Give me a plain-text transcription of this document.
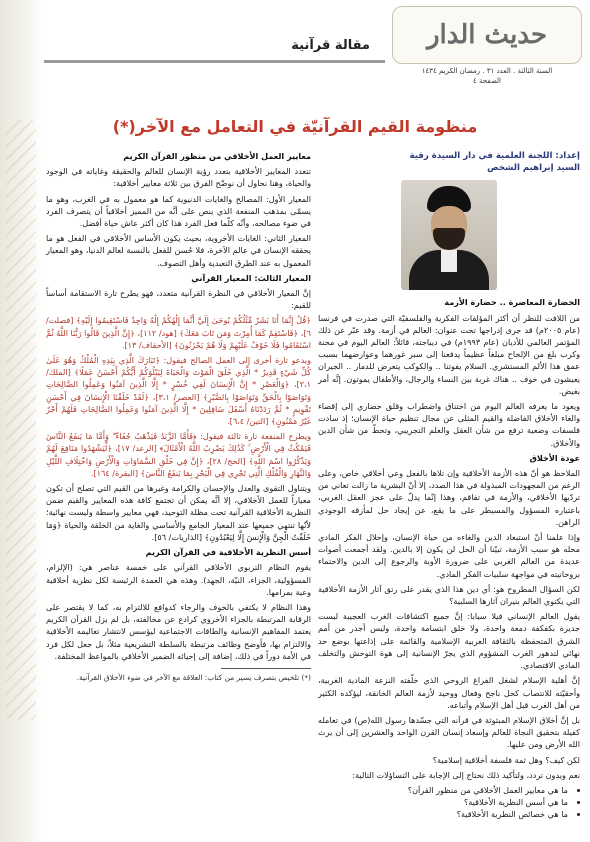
حديث الدار
السنة الثالثة . العدد ٣١ . رمضان الكريم ١٤٣٤
الصفحة ٤
مقالة قرآنية
منظومة القيم القرآنيّة في التعامل مع الآخر(*)
إعداد: اللجنة العلمية في دار السيدة رقية
السيد إبراهيم الشخص

الحضارة المعاصرة .. حضارة الأزمة

من اللافت للنظر أن أكثر المؤلفات الفكرية والفلسفيّة التي صدرت في فرنسا (عام ٢٠٠٥م) قد جرى إدراجها تحت عنوان: العالم في أزمة. وقد عبّر عن ذلك المؤتمر العالمي للأديان (عام ١٩٩٣م) في ديباجته، قائلاً: العالم اليوم في محنة وكرب بلغ من الإلحاح مبلغاً عظيماً يدفعنا إلى سبر غورهما وعوارضهما بسبب عمق هذا الألم المستشري. السلام يفوتنا .. والكوكب يتعرض للدمار .. الجيران يعيشون في خوف .. هناك غربة بين النساء والرجال، والأطفال يموتون. إنَّه أمر بغيض.

ويعود ما يعرفه العالم اليوم من اختناق واضطراب وقلق حضاري إلى إقصاء والغاء الأخلاق الفاضلة والقيم المثلى عن مجال تنظيم حياة الإنسان؛ إذ سادت فلسفات وضعية ترفع من شأن العقل والعلم التجريبي، وتحطّ من شأن الدين والأخلاق.

عودة الأخلاق

الملاحظ هو أنّ هذه الأزمة الأخلاقية وإن تلاها بالفعل وعي أخلاقي خاص، وعلى الرغم من المجهودات المبذولة في هذا الصدد، إلا أنّ البشرية ما زالت تعاني من تردّيها الأخلاقي، والأزمة في تفاقم، وهذا إنّما يدلّ على عجز العقل الغربي، باعتباره المسؤول والمسيطر على ما يقع، عن إيجاد حل لمأزقه الوجودي الراهن.

وإذا علمنا أنّ استبعاد الدين والغاءه من حياة الإنسان، وإحلال الفكر المادي محله هو سبب الأزمة، تبيّنا أن الحل لن يكون إلا بالدين. ولقد أجمعت أصوات عديدة من العالم الغربي على ضرورة الأوبة والرجوع إلى الدين والاحتماء بروحانيته في مواجهة سلبيات الفكر المادي.

لكن السؤال المطروح هو: أي دين هذا الذي يقدر على رتق آثار الأزمة الأخلاقية التي يكتوي العالم بنيران آثارها السلبية؟

يقول العالم الإنساني فيلا سبابا: إنَّ جميع اكتشافات الغرب العجيبة ليست جديرة بكفكفة دمعة واحدة، ولا خلق ابتسامة واحدة، وليس أجدر من أمم الشرق المتحفظة بالثقافة العربية الإسلامية والقائمة على إذاعتها بوضع حد نهائي لتدهور الغرب المشؤوم الذي يجرّ الإنسانية إلى هوة التوحش والتخلف المادي الاقتصادي.

إنَّ أهلية الإسلام لشغل الفراغ الروحي الذي خلّفته النزعة المادية الغربية، وأحقيّته للانتصاب كحل ناجح وفعال ووحيد لأزمة العالم الخانقة، ليؤكده الكثير من أهل الغرب قبل أهل الإسلام وأتباعه.

بل إنَّ أخلاق الإسلام المبثوثة في قرآنه التي جسّدها رسول الله(ص) في تعامله كفيلة بتحقيق النجاة للعالم وإسعاد إنسان القرن الواحد والعشرين إلى أن يرث الله الأرض ومن عليها.

لكن كيف؟ وهل ثمة فلسفة أخلاقية إسلامية؟

نعم ويدون تردد، ولتأكيد ذلك نحتاج إلى الإجابة على التساؤلات التالية:

• ما هي معايير العمل الأخلاقي من منظور القرآن؟
• ما هي أسس النظرية الأخلاقية؟
• ما هي خصائص النظرية الأخلاقية؟

معايير العمل الأخلاقي من منظور القرآن الكريم

تتعدد المعايير الأخلاقية بتعدد رؤية الإنسان للعالم والحقيقة وغاياته في الوجود والحياة، وهنا نحاول أن نوضّح الفرق بين ثلاثة معايير أخلاقية:

المعيار الأول: المصالح والغايات الدنيوية كما هو معمول به في الغرب، وهو ما يسمّى بمذهب المنفعة الذي ينص على أنَّه من المميز أخلاقياً أن يتصرف الفرد في ضوء مصالحه، وأنّه كلّما فعل الفرد هذا كان أكثر عاش حياة أفضل.

المعيار الثاني: الغايات الأخروية، بحيث يكون الأساس الأخلاقي في الفعل هو ما يحققه الإنسان في عالم الآخرة، فلا حُسن للفعل بالنسبة لعالم الدنيا، وهو المعيار المعمول به عند الطرق التعبدية وأهل التصوف.

المعيار الثالث: المعيار القرآني

إنَّ المعيار الأخلاقي في النظرة القرآنية متعدد، فهو يطرح تارة الاستقامة أساساً للقيم:

﴿قُلْ إِنَّمَا أَنَا بَشَرٌ مِّثْلُكُمْ يُوحَىٰ إِلَيَّ أَنَّمَا إِلَٰهُكُمْ إِلَٰهٌ وَاحِدٌ فَاسْتَقِيمُوا إِلَيْهِ﴾ [فصلت/ ٦]، ﴿فَاسْتَقِمْ كَمَا أُمِرْتَ وَمَن تَابَ مَعَكَ﴾ [هود/ ١١٢]، ﴿إِنَّ الَّذِينَ قَالُوا رَبُّنَا اللَّهُ ثُمَّ اسْتَقَامُوا فَلَا خَوْفٌ عَلَيْهِمْ وَلَا هُمْ يَحْزَنُونَ﴾ [الأحقاف/ ١٣].

ويدعو تارة أخرى إلى العمل الصالح فيقول: ﴿تَبَارَكَ الَّذِي بِيَدِهِ الْمُلْكُ وَهُوَ عَلَىٰ كُلِّ شَيْءٍ قَدِيرٌ * الَّذِي خَلَقَ الْمَوْتَ وَالْحَيَاةَ لِيَبْلُوَكُمْ أَيُّكُمْ أَحْسَنُ عَمَلًا﴾ [الملك/ ٢،١]، ﴿وَالْعَصْرِ * إِنَّ الْإِنسَانَ لَفِي خُسْرٍ * إِلَّا الَّذِينَ آمَنُوا وَعَمِلُوا الصَّالِحَاتِ وَتَوَاصَوْا بِالْحَقِّ وَتَوَاصَوْا بِالصَّبْرِ﴾ [العصر/ ٣،١]، ﴿لَقَدْ خَلَقْنَا الْإِنسَانَ فِي أَحْسَنِ تَقْوِيمٍ * ثُمَّ رَدَدْنَاهُ أَسْفَلَ سَافِلِينَ * إِلَّا الَّذِينَ آمَنُوا وَعَمِلُوا الصَّالِحَاتِ فَلَهُمْ أَجْرٌ غَيْرُ مَمْنُونٍ﴾ [التين/ ٦،٤].

ويطرح المنفعة تارة ثالثة فيقول: ﴿فَأَمَّا الزَّبَدُ فَيَذْهَبُ جُفَاءً ۖ وَأَمَّا مَا يَنفَعُ النَّاسَ فَيَمْكُثُ فِي الْأَرْضِ ۚ كَذَٰلِكَ يَضْرِبُ اللَّهُ الْأَمْثَالَ﴾ [الرعد/ ١٧]، ﴿لِّيَشْهَدُوا مَنَافِعَ لَهُمْ وَيَذْكُرُوا اسْمَ اللَّهِ﴾ [الحج/ ٢٨]، ﴿إِنَّ فِي خَلْقِ السَّمَاوَاتِ وَالْأَرْضِ وَاخْتِلَافِ اللَّيْلِ وَالنَّهَارِ وَالْفُلْكِ الَّتِي تَجْرِي فِي الْبَحْرِ بِمَا يَنفَعُ النَّاسَ﴾ [البقرة/ ١٦٤].

ويتناول التقوى والعدل والإحسان والكرامة وغيرها من القيم التي تصلح أن تكون معياراً للعمل الأخلاقي، إلا أنَّه يمكن أن تجتمع كافة هذه المعايير والقيم ضمن النظرية الأخلاقية القرآنية تحت مظلة التوحيد، فهي معايير واسطة وليست نهائية؛ لأنّها تنتهي جميعها عند المعيار الجامع والأساسي والغاية من الخلقة والحياة ﴿وَمَا خَلَقْتُ الْجِنَّ وَالْإِنسَ إِلَّا لِيَعْبُدُونِ﴾ [الذاريات/ ٥٦].

أسس النظرية الأخلاقية في القرآن الكريم

يقوم النظام التربوي الأخلاقي القرآني على خمسة عناصر هي: (الإلزام، المسؤولية، الجزاء، النيّة، الجهد). وهذه هي العمدة الرئيسة لكل نظرية أخلاقية وعية بمرامها.

وهذا النظام لا يكتفي بالخوف والرجاء كدوافع للالتزام به، كما لا يقتصر على الرقابة المرتبطة بالجزاء الأخروي كرادع عن مخالفته، بل لم يزل القرآن الكريم يعتمد المفاهيم الإنسانية والطاقات الاجتماعية ليؤسس لانتشار تعاليمه الأخلاقية والالتزام بها، فأوضح وظائف مرتبطة بالسلطة التشريعية مثلاً، بل جعل لكل فرد في الأمة دوراً في ذلك، إضافة إلى إحيائه الضمير الأخلاقي بالمواعظ المختلفة.

(*) تلخيص بتصرف يسير من كتاب: العلاقة مع الآخر في ضوء الأخلاق القرآنية.
